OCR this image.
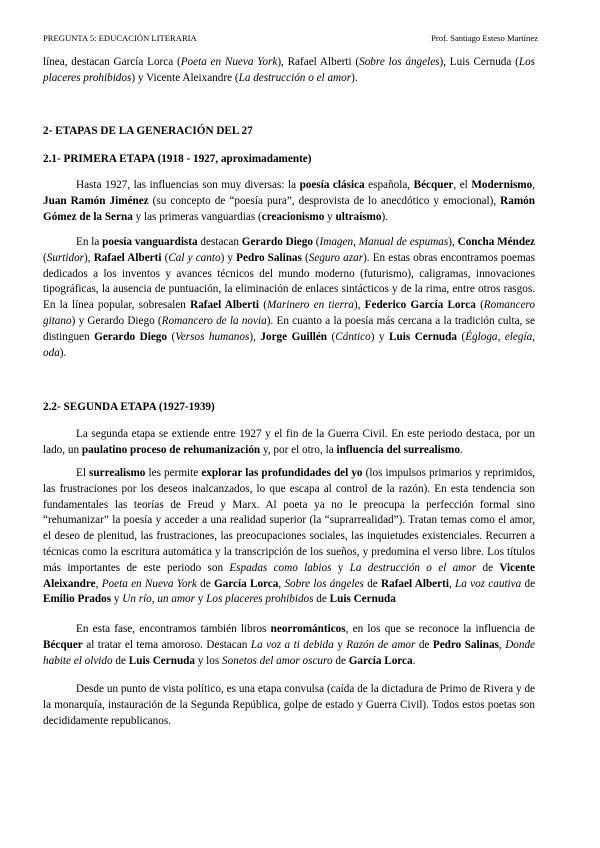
PREGUNTA 5: EDUCACIÓN LITERARIA	Prof. Santiago Esteso Martínez

línea, destacan García Lorca (Poeta en Nueva York), Rafael Alberti (Sobre los ángeles), Luis Cernuda (Los placeres prohibidos) y Vicente Aleixandre (La destrucción o el amor).

2- ETAPAS DE LA GENERACIÓN DEL 27
2.1- PRIMERA ETAPA (1918 - 1927, aproximadamente)

Hasta 1927, las influencias son muy diversas: la poesía clásica española, Bécquer, el Modernismo, Juan Ramón Jiménez (su concepto de “poesía pura”, desprovista de lo anecdótico y emocional), Ramón Gómez de la Serna y las primeras vanguardias (creacionismo y ultraísmo).

En la poesía vanguardista destacan Gerardo Diego (Imagen, Manual de espumas), Concha Méndez (Surtidor), Rafael Alberti (Cal y canto) y Pedro Salinas (Seguro azar). En estas obras encontramos poemas dedicados a los inventos y avances técnicos del mundo moderno (futurismo), caligramas, innovaciones tipográficas, la ausencia de puntuación, la eliminación de enlaces sintácticos y de la rima, entre otros rasgos. En la línea popular, sobresalen Rafael Alberti (Marinero en tierra), Federico García Lorca (Romancero gitano) y Gerardo Diego (Romancero de la novia). En cuanto a la poesía más cercana a la tradición culta, se distinguen Gerardo Diego (Versos humanos), Jorge Guillén (Cántico) y Luis Cernuda (Égloga, elegía, oda).

2.2- SEGUNDA ETAPA (1927-1939)

La segunda etapa se extiende entre 1927 y el fin de la Guerra Civil. En este periodo destaca, por un lado, un paulatino proceso de rehumanización y, por el otro, la influencia del surrealismo.

El surrealismo les permite explorar las profundidades del yo (los impulsos primarios y reprimidos, las frustraciones por los deseos inalcanzados, lo que escapa al control de la razón). En esta tendencia son fundamentales las teorías de Freud y Marx. Al poeta ya no le preocupa la perfección formal sino “rehumanizar” la poesía y acceder a una realidad superior (la “suprarrealidad”). Tratan temas como el amor, el deseo de plenitud, las frustraciones, las preocupaciones sociales, las inquietudes existenciales. Recurren a técnicas como la escritura automática y la transcripción de los sueños, y predomina el verso libre. Los títulos más importantes de este periodo son Espadas como labios y La destrucción o el amor de Vicente Aleixandre, Poeta en Nueva York de García Lorca, Sobre los ángeles de Rafael Alberti, La voz cautiva de Emilio Prados y Un río, un amor y Los placeres prohibidos de Luis Cernuda

En esta fase, encontramos también libros neorrománticos, en los que se reconoce la influencia de Bécquer al tratar el tema amoroso. Destacan La voz a ti debida y Razón de amor de Pedro Salinas, Donde habite el olvido de Luis Cernuda y los Sonetos del amor oscuro de García Lorca.

Desde un punto de vista político, es una etapa convulsa (caída de la dictadura de Primo de Rivera y de la monarquía, instauración de la Segunda República, golpe de estado y Guerra Civil). Todos estos poetas son decididamente republicanos.
